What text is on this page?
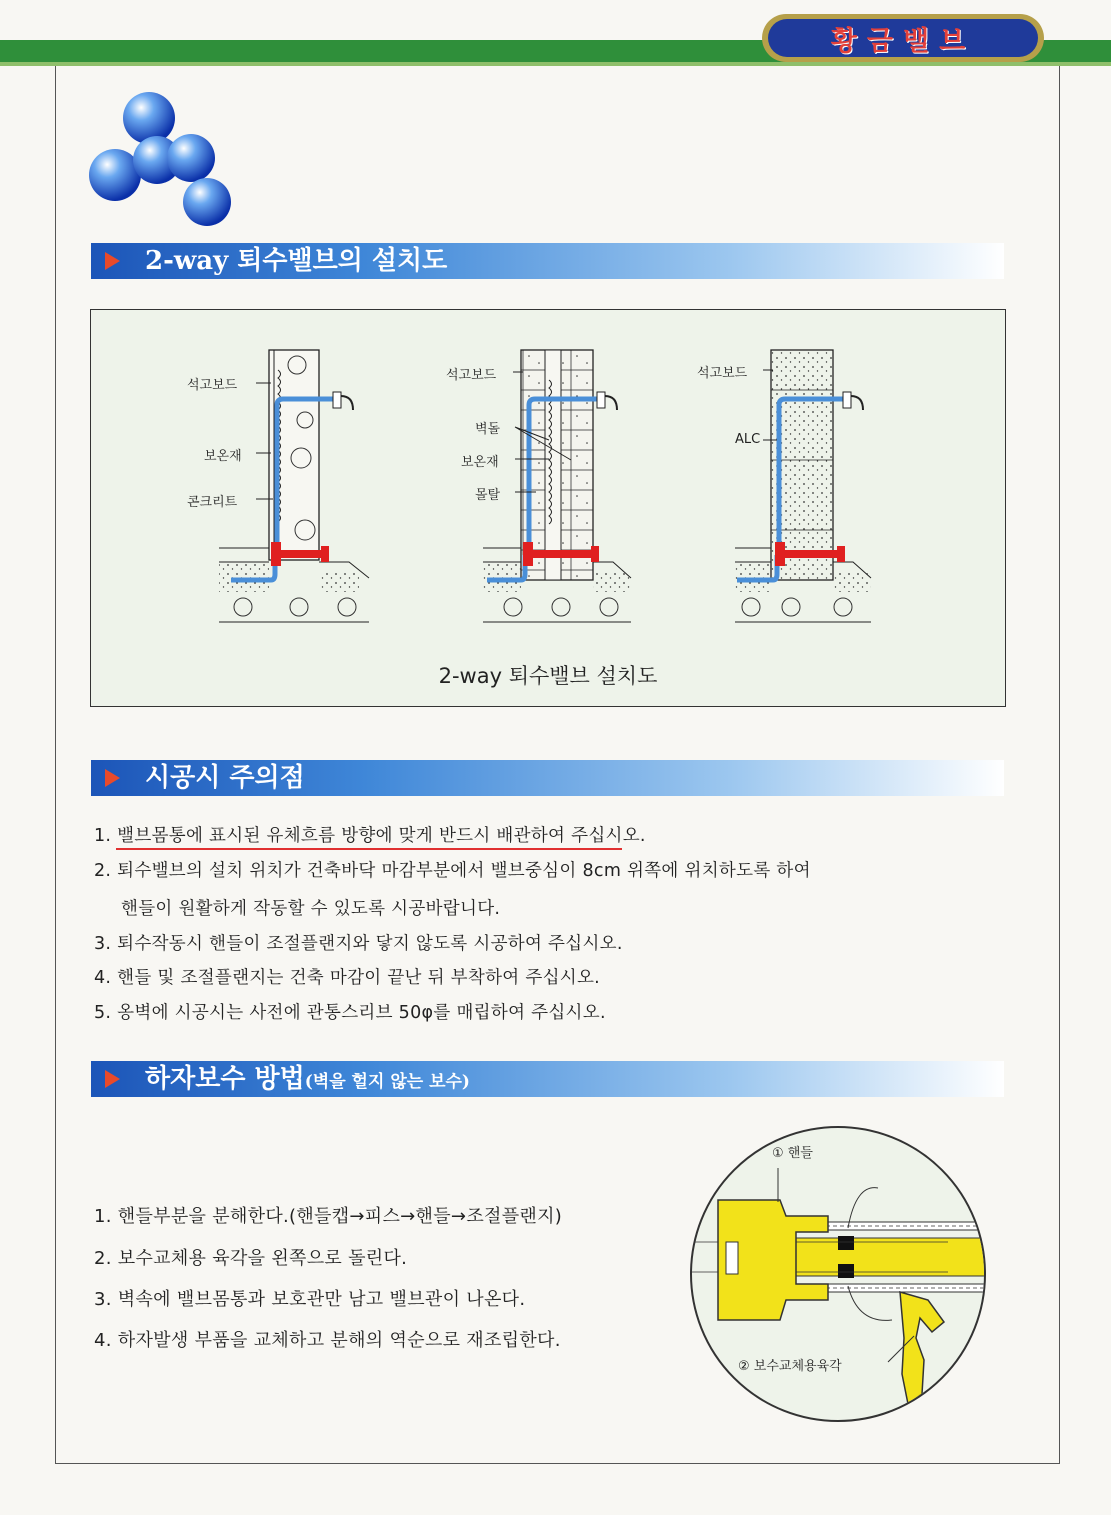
황금밸브
2-way 퇴수밸브의 설치도
석고보드
보온재
콘크리트
석고보드
벽돌
보온재
몰탈
석고보드
ALC
2-way 퇴수밸브 설치도
시공시 주의점
1. 밸브몸통에 표시된 유체흐름 방향에 맞게 반드시 배관하여 주십시오.
2. 퇴수밸브의 설치 위치가 건축바닥 마감부분에서 밸브중심이 8cm 위쪽에 위치하도록 하여
핸들이 원활하게 작동할 수 있도록 시공바랍니다.
3. 퇴수작동시 핸들이 조절플랜지와 닿지 않도록 시공하여 주십시오.
4. 핸들 및 조절플랜지는 건축 마감이 끝난 뒤 부착하여 주십시오.
5. 옹벽에 시공시는 사전에 관통스리브 50φ를 매립하여 주십시오.
하자보수 방법(벽을 헐지 않는 보수)
1. 핸들부분을 분해한다.(핸들캡→피스→핸들→조절플랜지)
2. 보수교체용 육각을 왼쪽으로 돌린다.
3. 벽속에 밸브몸통과 보호관만 남고 밸브관이 나온다.
4. 하자발생 부품을 교체하고 분해의 역순으로 재조립한다.
① 핸들
② 보수교체용육각
